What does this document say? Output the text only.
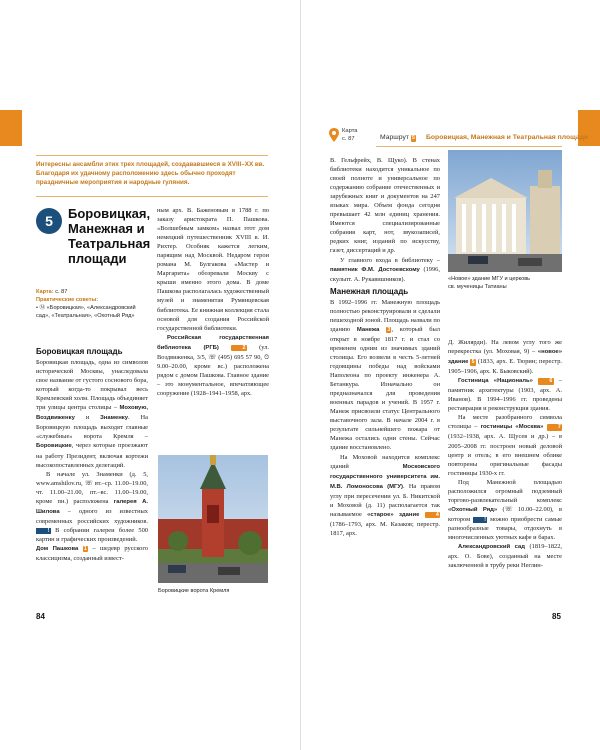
Интересны ансамбли этих трех площадей, создававшиеся в XVIII–XX вв. Благодаря их удачному расположению здесь обычно проходят праздничные мероприятия и народные гуляния.
5	Боровицкая, Манежная и Театральная площади
Карта: с. 87
Практические советы:
• Ⓜ «Боровицкая», «Александровский сад», «Театральная», «Охотный Ряд»
Боровицкая площадь

Боровицкая площадь, одна из символов исторической Москвы, унаследовала свое название от густого соснового бора, который когда-то покрывал весь Кремлевский холм. Площадь объединяет три улицы центра столицы – Моховую, Воздвиженку и Знаменку. На Боровицкую площадь выходят главные «служебные» ворота Кремля – Боровицкие, через которые проезжают на работу Президент, включая кортежи высокопоставленных делегаций.

В начале ул. Знаменки (д. 5, www.amshilov.ru, ☏ вт.–ср. 11.00–19.00, чт. 11.00–21.00, пт.–вс. 11.00–19.00, кроме пн.) расположена галерея А. Шилова – одного из известных современных российских художников. ! В собрании галереи более 500 картин и графических произведений.

Дом Пашкова 1 – шедевр русского классицизма, созданный извест-

ным арх. В. Баженовым в 1788 г. по заказу аристократа П. Пашкова. «Волшебным замком» назвал этот дом немецкий путешественник XVIII в. И. Рихтер. Особняк кажется легким, парящим над Москвой. Недаром герои романа М. Булгакова «Мастер и Маргарита» обозревали Москву с крыши именно этого дома. В доме Пашкова располагалась художественный музей и знаменитая Румянцевская библиотека. Ее книжная коллекция стала основой для создания Российской государственной библиотеки.

Российская государственная библиотека (РГБ)	2 (ул. Воздвиженка, 3/5, ☏ (495) 695 57 90, ⏲ 9.00–20.00, кроме вс.) расположена рядом с домом Пашкова. Главное здание – это монументальное, впечатляющее сооружение (1928–1941–1958, арх.

Боровицкие ворота Кремля
84
Карта
с. 87	Маршрут 5 Боровицкая, Манежная и Театральная площади

В. Гельфрейх, В. Щуко). В стенах библиотеки находится уникальное по своей полноте и универсальное по содержанию собрание отечественных и зарубежных книг и документов на 247 языках мира. Объем фонда сегодня превышает 42 млн единиц хранения. Имеются специализированные собрания карт, нот, звукозаписей, редких книг, изданий по искусству, газет, диссертаций и др.

У главного входа в библиотеку – памятник Ф.М. Достоевскому (1996, скульпт. А. Рукавишников).

Манежная площадь

В 1992–1996 гг. Манежную площадь полностью реконструировали и сделали пешеходной зоной. Площадь назвали по зданию Манежа 3, который был открыт в ноябре 1817 г. и стал со временем одним из значимых зданий столицы. Его возвели в честь 5-летней годовщины победы над войсками Наполеона по проекту инженера А. Бетанкура. Изначально он предназначался для проведения военных парадов и учений. В 1957 г. Манеж присвоили статус Центрального выставочного зала. В начале 2004 г. в результате сильнейшего пожара от Манежа остались одни стены. Сейчас здание восстановлено.

На Моховой находится комплекс зданий	Московского государственного университета им. М.В. Ломоносова (МГУ). На правом углу при пересечении ул. Б. Никитской и Моховой (д. 11) располагается так называемое «старое» здание	4 (1786–1793, арх. М. Казаков; перестр. 1817, арх.

«Новое» здание МГУ и церковь
св. мученицы Татианы

Д. Жилярди). На левом углу того же перекрестка (ул. Моховая, 9) – «новое» здание 5 (1833, арх. Е. Тюрин; перестр. 1905–1906, арх. К. Быковский).

Гостиница «Националь»	6 – памятник архитектуры (1903, арх. А. Иванов). В 1994–1996 гг. проведены реставрация и реконструкция здания.

На месте разобранного символа столицы – гостиницы «Москва»	7 (1932–1938, арх. А. Щусев и др.) – в 2005–2008 гг. построен новый деловой центр и отель; в его внешнем облике повторены оригинальные фасады гостиницы 1930-х гг.

Под Манежной площадью расположился огромный подземный торгово-развлекательный комплекс «Охотный Ряд» (☏ 10.00–22.00), в котором	! можно приобрести самые разнообразные товары, отдохнуть в многочисленных уютных кафе и барах.

Александровский сад (1819–1822, арх. О. Бове), созданный на месте заключенной в трубу реки Неглин-

85
